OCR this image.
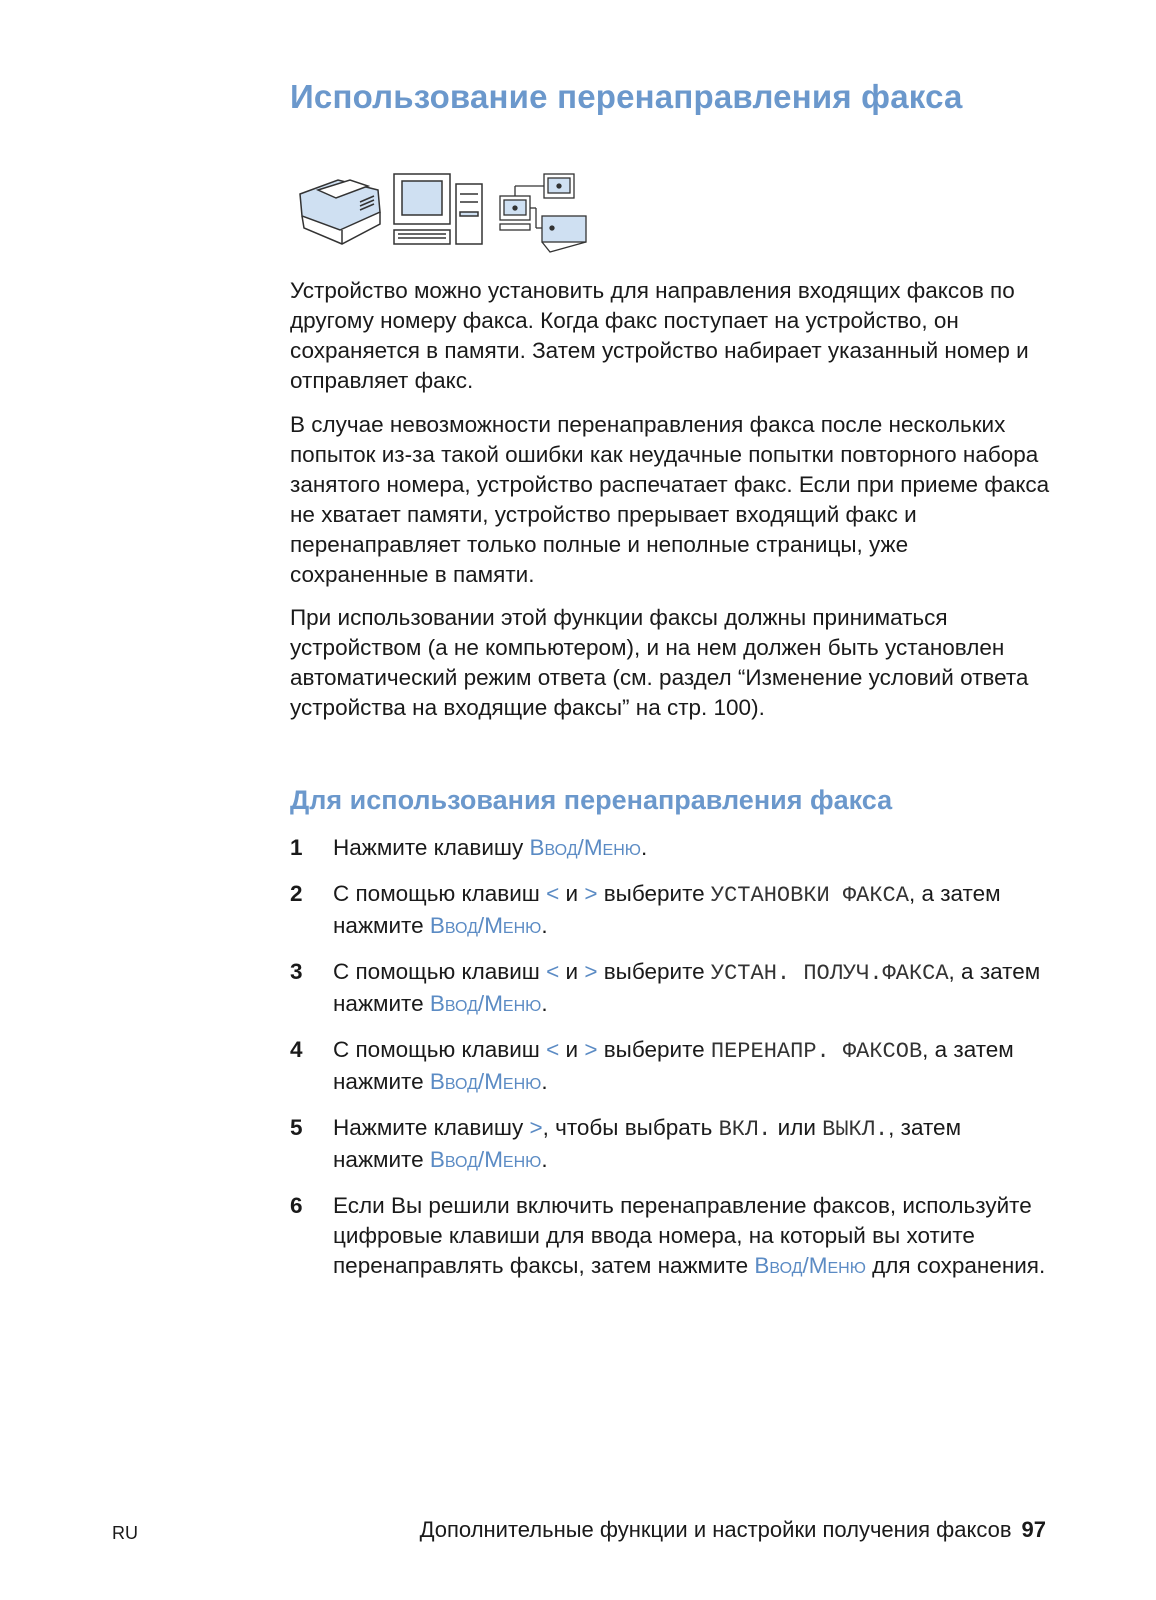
Использование перенаправления факса

Устройство можно установить для направления входящих факсов по другому номеру факса. Когда факс поступает на устройство, он сохраняется в памяти. Затем устройство набирает указанный номер и отправляет факс.

В случае невозможности перенаправления факса после нескольких попыток из-за такой ошибки как неудачные попытки повторного набора занятого номера, устройство распечатает факс. Если при приеме факса не хватает памяти, устройство прерывает входящий факс и перенаправляет только полные и неполные страницы, уже сохраненные в памяти.

При использовании этой функции факсы должны приниматься устройством (а не компьютером), и на нем должен быть установлен автоматический режим ответа (см. раздел “Изменение условий ответа устройства на входящие факсы” на стр. 100).

Для использования перенаправления факса
1 Нажмите клавишу Ввод/Меню.
2 С помощью клавиш < и > выберите УСТАНОВКИ ФАКСА, а затем нажмите Ввод/Меню.
3 С помощью клавиш < и > выберите УСТАН. ПОЛУЧ.ФАКСА, а затем нажмите Ввод/Меню.
4 С помощью клавиш < и > выберите ПЕРЕНАПР. ФАКСОВ, а затем нажмите Ввод/Меню.
5 Нажмите клавишу >, чтобы выбрать ВКЛ. или ВЫКЛ., затем нажмите Ввод/Меню.
6 Если Вы решили включить перенаправление факсов, используйте цифровые клавиши для ввода номера, на который вы хотите перенаправлять факсы, затем нажмите Ввод/Меню для сохранения.
RU	Дополнительные функции и настройки получения факсов 97
